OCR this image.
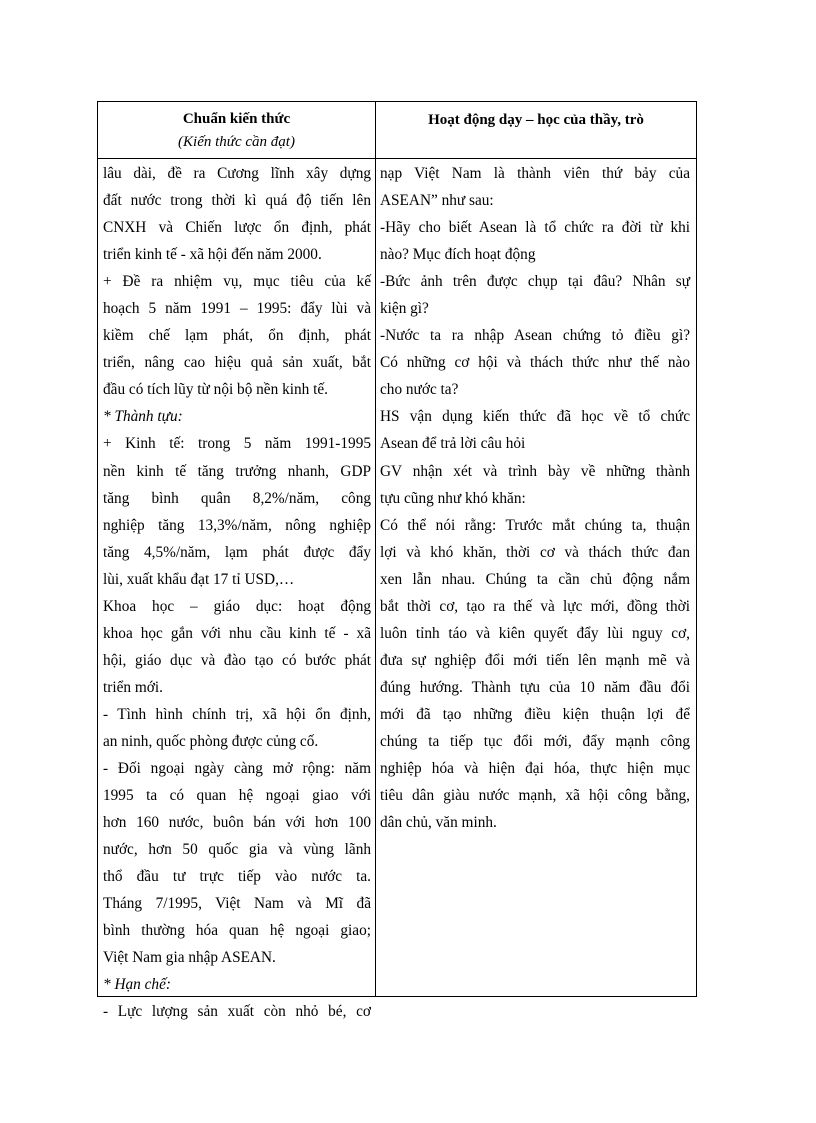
Chuẩn kiến thức
(Kiến thức cần đạt)
Hoạt động dạy – học của thầy, trò
lâu dài, đề ra Cương lĩnh xây dựng
đất nước trong thời kì quá độ tiến lên
CNXH và Chiến lược ổn định, phát
triển kinh tế - xã hội đến năm 2000.
+ Đề ra nhiệm vụ, mục tiêu của kế
hoạch 5 năm 1991 – 1995: đẩy lùi và
kiềm chế lạm phát, ổn định, phát
triển, nâng cao hiệu quả sản xuất, bắt
đầu có tích lũy từ nội bộ nền kinh tế.
* Thành tựu:
+ Kinh tế: trong 5 năm 1991-1995
nền kinh tế tăng trưởng nhanh, GDP
tăng bình quân 8,2%/năm, công
nghiệp tăng 13,3%/năm, nông nghiệp
tăng 4,5%/năm, lạm phát được đẩy
lùi, xuất khẩu đạt 17 tỉ USD,…
Khoa học – giáo dục: hoạt động
khoa học gắn với nhu cầu kinh tế - xã
hội, giáo dục và đào tạo có bước phát
triển mới.
- Tình hình chính trị, xã hội ổn định,
an ninh, quốc phòng được củng cố.
- Đối ngoại ngày càng mở rộng: năm
1995 ta có quan hệ ngoại giao với
hơn 160 nước, buôn bán với hơn 100
nước, hơn 50 quốc gia và vùng lãnh
thổ đầu tư trực tiếp vào nước ta.
Tháng 7/1995, Việt Nam và Mĩ đã
bình thường hóa quan hệ ngoại giao;
Việt Nam gia nhập ASEAN.
* Hạn chế:
- Lực lượng sản xuất còn nhỏ bé, cơ
nạp Việt Nam là thành viên thứ bảy của
ASEAN” như sau:
-Hãy cho biết Asean là tổ chức ra đời từ khi
nào? Mục đích hoạt động
-Bức ảnh trên được chụp tại đâu? Nhân sự
kiện gì?
-Nước ta ra nhập Asean chứng tỏ điều gì?
Có những cơ hội và thách thức như thế nào
cho nước ta?
HS vận dụng kiến thức đã học về tổ chức
Asean để trả lời câu hỏi
GV nhận xét và trình bày về những thành
tựu cũng như khó khăn:
Có thể nói rằng: Trước mắt chúng ta, thuận
lợi và khó khăn, thời cơ và thách thức đan
xen lẫn nhau. Chúng ta cần chủ động nắm
bắt thời cơ, tạo ra thế và lực mới, đồng thời
luôn tỉnh táo và kiên quyết đẩy lùi nguy cơ,
đưa sự nghiệp đổi mới tiến lên mạnh mẽ và
đúng hướng. Thành tựu của 10 năm đầu đổi
mới đã tạo những điều kiện thuận lợi để
chúng ta tiếp tục đổi mới, đẩy mạnh công
nghiệp hóa và hiện đại hóa, thực hiện mục
tiêu dân giàu nước mạnh, xã hội công bằng,
dân chủ, văn minh.
